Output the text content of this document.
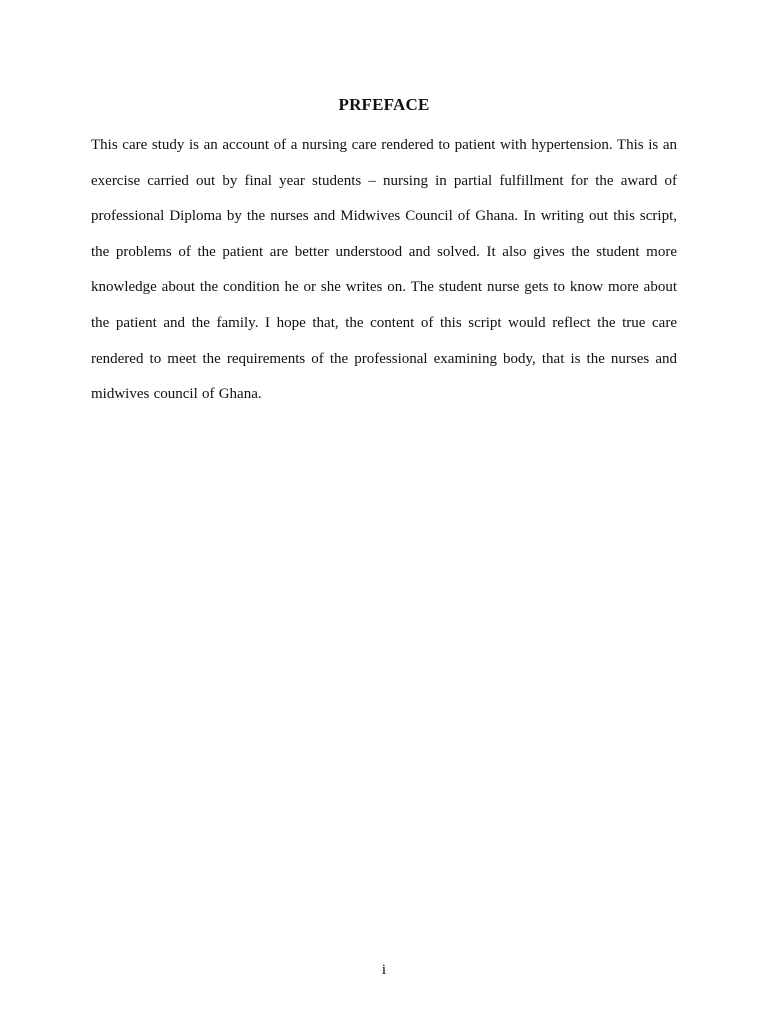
PRFEFACE

This care study is an account of a nursing care rendered to patient with hypertension. This is an exercise carried out by final year students – nursing in partial fulfillment for the award of professional Diploma by the nurses and Midwives Council of Ghana. In writing out this script, the problems of the patient are better understood and solved. It also gives the student more knowledge about the condition he or she writes on. The student nurse gets to know more about the patient and the family. I hope that, the content of this script would reflect the true care rendered to meet the requirements of the professional examining body, that is the nurses and midwives council of Ghana.

i
